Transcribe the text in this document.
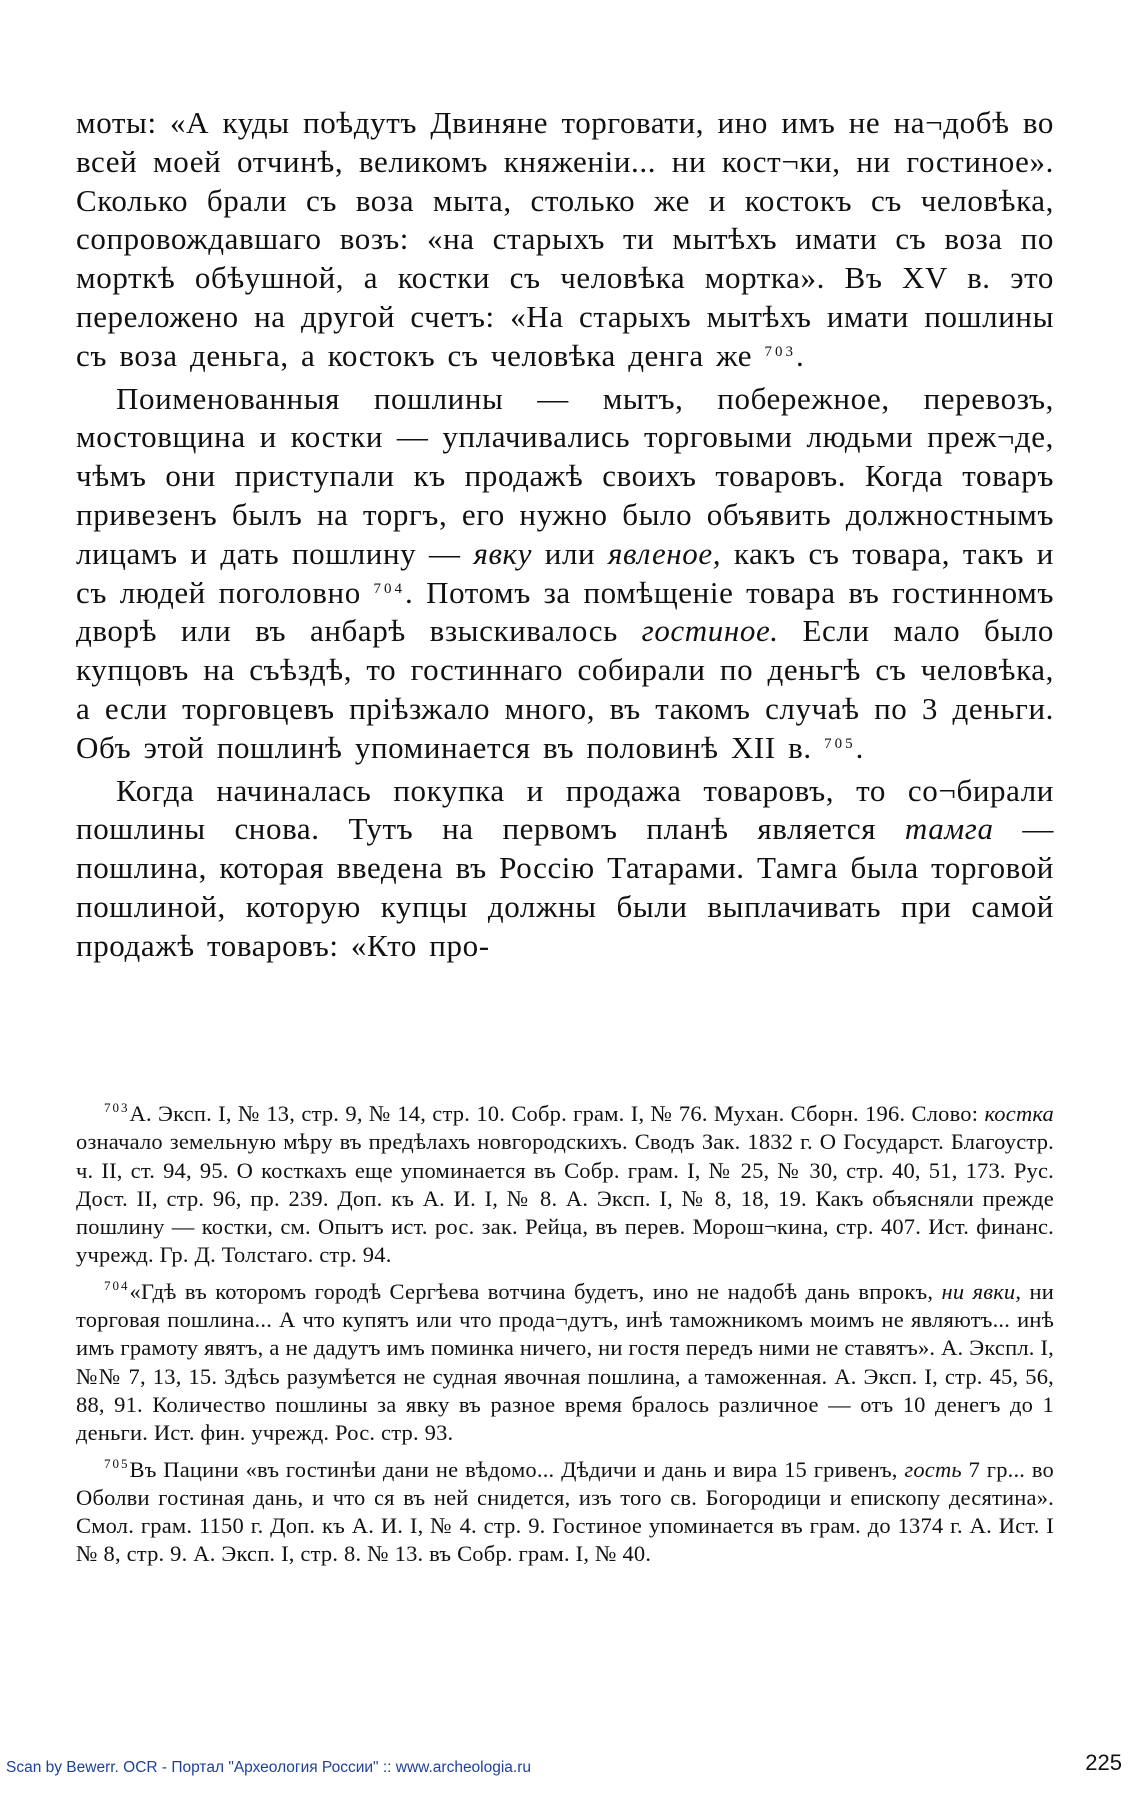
моты: «А куды поѣдутъ Двиняне торговати, ино имъ не на¬добѣ во всей моей отчинѣ, великомъ княженіи... ни кост¬ки, ни гостиное». Сколько брали съ воза мыта, столько же и костокъ съ человѣка, сопровождавшаго возъ: «на старыхъ ти мытѣхъ имати съ воза по морткѣ обѣушной, а костки съ человѣка мортка». Въ XV в. это переложено на другой счетъ: «На старыхъ мытѣхъ имати пошлины съ воза деньга, а костокъ съ человѣка денга же $^{703}$.

Поименованныя пошлины — мытъ, побережное, перевозъ, мостовщина и костки — уплачивались торговыми людьми преж¬де, чѣмъ они приступали къ продажѣ своихъ товаровъ. Когда товаръ привезенъ былъ на торгъ, его нужно было объявить должностнымъ лицамъ и дать пошлину — явку или явленое, какъ съ товара, такъ и съ людей поголовно $^{704}$. Потомъ за помѣщеніе товара въ гостинномъ дворѣ или въ анбарѣ взыскивалось гостиное. Если мало было купцовъ на съѣздѣ, то гостиннаго собирали по деньгѣ съ человѣка, а если торговцевъ пріѣзжало много, въ такомъ случаѣ по 3 деньги. Объ этой пошлинѣ упоминается въ половинѣ XII в. $^{705}$.

Когда начиналась покупка и продажа товаровъ, то со¬бирали пошлины снова. Тутъ на первомъ планѣ является тамга — пошлина, которая введена въ Россію Татарами. Тамга была торговой пошлиной, которую купцы должны были выплачивать при самой продажѣ товаровъ: «Кто про-

$^{703}$А. Эксп. I, № 13, стр. 9, № 14, стр. 10. Собр. грам. I, № 76. Мухан. Сборн. 196. Слово: костка означало земельную мѣру въ предѣлахъ новгородскихъ. Сводъ Зак. 1832 г. О Государст. Благоустр. ч. II, ст. 94, 95. О косткахъ еще упоминается въ Собр. грам. I, № 25, № 30, стр. 40, 51, 173. Рус. Дост. II, стр. 96, пр. 239. Доп. къ А. И. I, № 8. А. Эксп. I, № 8, 18, 19. Какъ объясняли прежде пошлину — костки, см. Опытъ ист. рос. зак. Рейца, въ перев. Морош¬кина, стр. 407. Ист. финанс. учрежд. Гр. Д. Толстаго. стр. 94.

$^{704}$«Гдѣ въ которомъ городѣ Сергѣева вотчина будетъ, ино не надобѣ дань впрокъ, ни явки, ни торговая пошлина... А что купятъ или что прода¬дутъ, инѣ таможникомъ моимъ не являютъ... инѣ имъ грамоту явятъ, а не дадутъ имъ поминка ничего, ни гостя передъ ними не ставятъ». А. Экспл. I, №№ 7, 13, 15. Здѣсь разумѣется не судная явочная пошлина, а таможенная. А. Эксп. I, стр. 45, 56, 88, 91. Количество пошлины за явку въ разное время бралось различное — отъ 10 денегъ до 1 деньги. Ист. фин. учрежд. Рос. стр. 93.

$^{705}$Въ Пацини «въ гостинѣи дани не вѣдомо... Дѣдичи и дань и вира 15 гривенъ, гость 7 гр... во Оболви гостиная дань, и что ся въ ней снидется, изъ того св. Богородици и епископу десятина». Смол. грам. 1150 г. Доп. къ А. И. I, № 4. стр. 9. Гостиное упоминается въ грам. до 1374 г. А. Ист. I № 8, стр. 9. А. Эксп. I, стр. 8. № 13. въ Собр. грам. I, № 40.

Scan by Bewerr. OCR - Портал "Археология России" :: www.archeologia.ru	225
